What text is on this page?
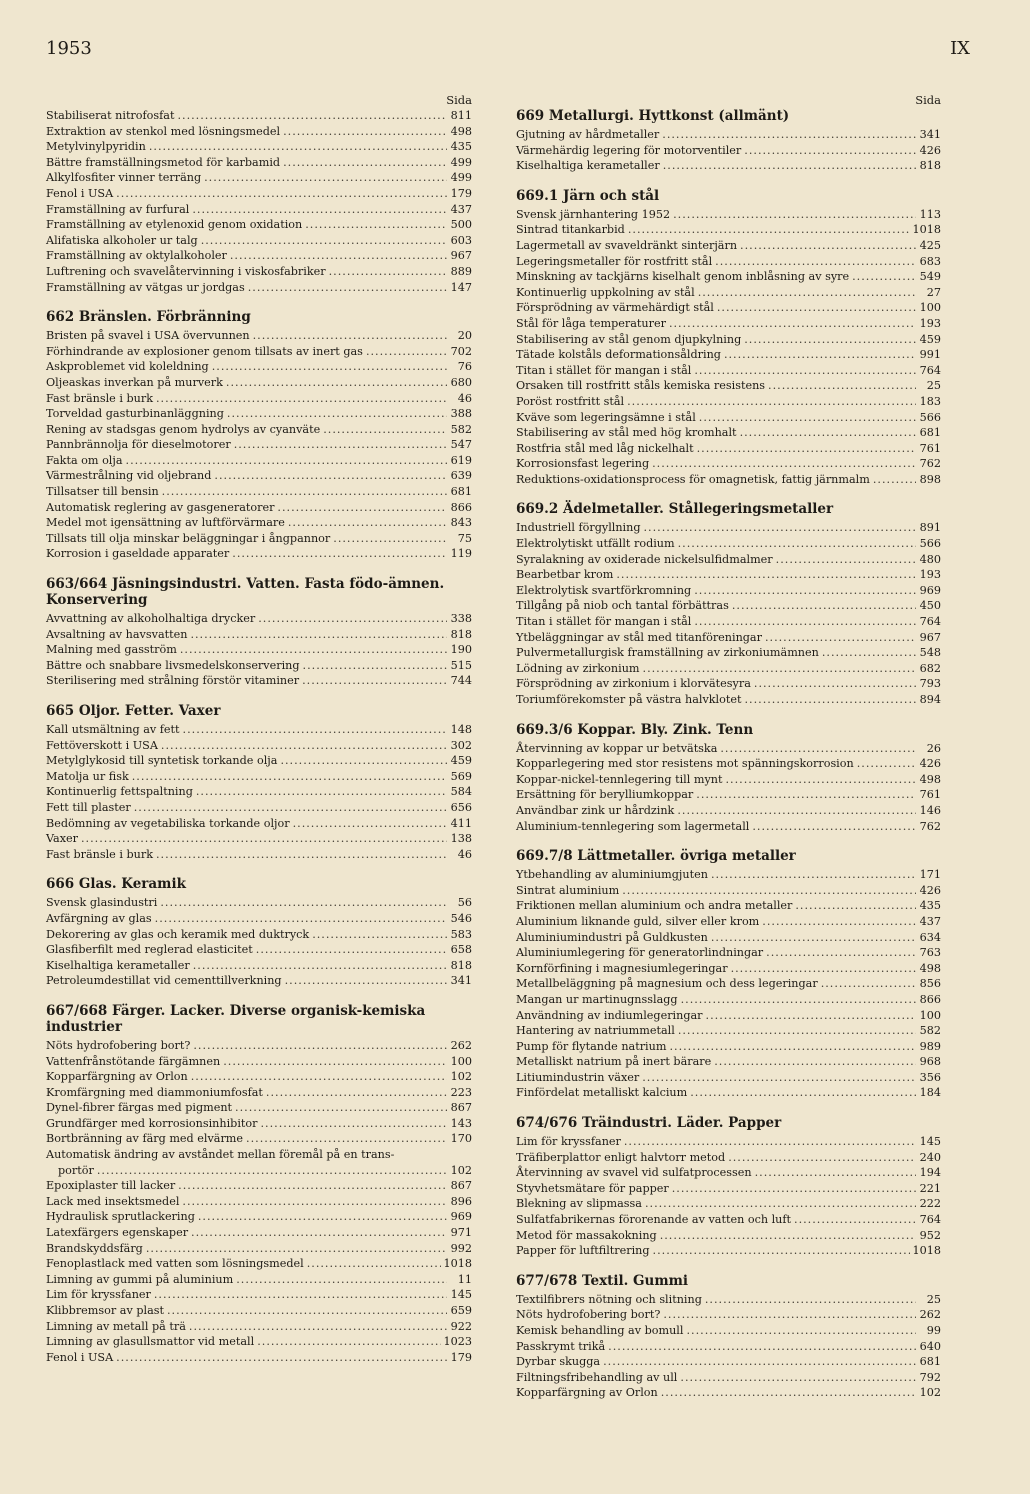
1953	IX
Sida
Stabiliserat nitrofosfat .....	811
Extraktion av stenkol med lösningsmedel .....	498
Metylvinylpyridin .....	435
Bättre framställningsmetod för karbamid .....	499
Alkylfosfiter vinner terräng .....	499
Fenol i USA .....	179
Framställning av furfural .....	437
Framställning av etylenoxid genom oxidation .....	500
Alifatiska alkoholer ur talg .....	603
Framställning av oktylalkoholer .....	967
Luftrening och svavelåtervinning i viskosfabriker .....	889
Framställning av vätgas ur jordgas .....	147
662 Bränslen. Förbränning
Bristen på svavel i USA övervunnen .....	20
Förhindrande av explosioner genom tillsats av inert gas .....	702
Askproblemet vid koleldning .....	76
Oljeaskas inverkan på murverk .....	680
Fast bränsle i burk .....	46
Torveldad gasturbinanläggning .....	388
Rening av stadsgas genom hydrolys av cyanväte .....	582
Pannbrännolja för dieselmotorer .....	547
Fakta om olja .....	619
Värmestrålning vid oljebrand .....	639
Tillsatser till bensin .....	681
Automatisk reglering av gasgeneratorer .....	866
Medel mot igensättning av luftförvärmare .....	843
Tillsats till olja minskar beläggningar i ångpannor .....	75
Korrosion i gaseldade apparater .....	119
663/664 Jäsningsindustri. Vatten. Fasta födo-ämnen. Konservering
Avvattning av alkoholhaltiga drycker .....	338
Avsaltning av havsvatten .....	818
Malning med gasström .....	190
Bättre och snabbare livsmedelskonservering .....	515
Sterilisering med strålning förstör vitaminer .....	744
665 Oljor. Fetter. Vaxer
Kall utsmältning av fett .....	148
Fettöverskott i USA .....	302
Metylglykosid till syntetisk torkande olja .....	459
Matolja ur fisk .....	569
Kontinuerlig fettspaltning .....	584
Fett till plaster .....	656
Bedömning av vegetabiliska torkande oljor .....	411
Vaxer .....	138
Fast bränsle i burk .....	46
666 Glas. Keramik
Svensk glasindustri .....	56
Avfärgning av glas .....	546
Dekorering av glas och keramik med duktryck .....	583
Glasfiberfilt med reglerad elasticitet .....	658
Kiselhaltiga kerametaller .....	818
Petroleumdestillat vid cementtillverkning .....	341
667/668 Färger. Lacker. Diverse organisk-kemiska industrier
Nöts hydrofobering bort? .....	262
Vattenfrånstötande färgämnen .....	100
Kopparfärgning av Orlon .....	102
Kromfärgning med diammoniumfosfat .....	223
Dynel-fibrer färgas med pigment .....	867
Grundfärger med korrosionsinhibitor .....	143
Bortbränning av färg med elvärme .....	170
Automatisk ändring av avståndet mellan föremål på en trans-
portör .....	102
Epoxiplaster till lacker .....	867
Lack med insektsmedel .....	896
Hydraulisk sprutlackering .....	969
Latexfärgers egenskaper .....	971
Brandskyddsfärg .....	992
Fenoplastlack med vatten som lösningsmedel .....	1018
Limning av gummi på aluminium .....	11
Lim för kryssfaner .....	145
Klibbremsor av plast .....	659
Limning av metall på trä .....	922
Limning av glasullsmattor vid metall .....	1023
Fenol i USA .....	179
Sida
669 Metallurgi. Hyttkonst (allmänt)
Gjutning av hårdmetaller .....	341
Värmehärdig legering för motorventiler .....	426
Kiselhaltiga kerametaller .....	818
669.1 Järn och stål
Svensk järnhantering 1952 .....	113
Sintrad titankarbid .....	1018
Lagermetall av svaveldränkt sinterjärn .....	425
Legeringsmetaller för rostfritt stål .....	683
Minskning av tackjärns kiselhalt genom inblåsning av syre .....	549
Kontinuerlig uppkolning av stål .....	27
Försprödning av värmehärdigt stål .....	100
Stål för låga temperaturer .....	193
Stabilisering av stål genom djupkylning .....	459
Tätade kolståls deformationsåldring .....	991
Titan i stället för mangan i stål .....	764
Orsaken till rostfritt ståls kemiska resistens .....	25
Poröst rostfritt stål .....	183
Kväve som legeringsämne i stål .....	566
Stabilisering av stål med hög kromhalt .....	681
Rostfria stål med låg nickelhalt .....	761
Korrosionsfast legering .....	762
Reduktions-oxidationsprocess för omagnetisk, fattig järnmalm .....	898
669.2 Ädelmetaller. Stållegeringsmetaller
Industriell förgyllning .....	891
Elektrolytiskt utfällt rodium .....	566
Syralakning av oxiderade nickelsulfidmalmer .....	480
Bearbetbar krom .....	193
Elektrolytisk svartförkromning .....	969
Tillgång på niob och tantal förbättras .....	450
Titan i stället för mangan i stål .....	764
Ytbeläggningar av stål med titanföreningar .....	967
Pulvermetallurgisk framställning av zirkoniumämnen .....	548
Lödning av zirkonium .....	682
Försprödning av zirkonium i klorvätesyra .....	793
Toriumförekomster på västra halvklotet .....	894
669.3/6 Koppar. Bly. Zink. Tenn
Återvinning av koppar ur betvätska .....	26
Kopparlegering med stor resistens mot spänningskorrosion .....	426
Koppar-nickel-tennlegering till mynt .....	498
Ersättning för berylliumkoppar .....	761
Användbar zink ur hårdzink .....	146
Aluminium-tennlegering som lagermetall .....	762
669.7/8 Lättmetaller. övriga metaller
Ytbehandling av aluminiumgjuten .....	171
Sintrat aluminium .....	426
Friktionen mellan aluminium och andra metaller .....	435
Aluminium liknande guld, silver eller krom .....	437
Aluminiumindustri på Guldkusten .....	634
Aluminiumlegering för generatorlindningar .....	763
Kornförfining i magnesiumlegeringar .....	498
Metallbeläggning på magnesium och dess legeringar .....	856
Mangan ur martinugnsslagg .....	866
Användning av indiumlegeringar .....	100
Hantering av natriummetall .....	582
Pump för flytande natrium .....	989
Metalliskt natrium på inert bärare .....	968
Litiumindustrin växer .....	356
Finfördelat metalliskt kalcium .....	184
674/676 Träindustri. Läder. Papper
Lim för kryssfaner .....	145
Träfiberplattor enligt halvtorr metod .....	240
Återvinning av svavel vid sulfatprocessen .....	194
Styvhetsmätare för papper .....	221
Blekning av slipmassa .....	222
Sulfatfabrikernas förorenande av vatten och luft .....	764
Metod för massakokning .....	952
Papper för luftfiltrering .....	1018
677/678 Textil. Gummi
Textilfibrers nötning och slitning .....	25
Nöts hydrofobering bort? .....	262
Kemisk behandling av bomull .....	99
Passkrymt trikå .....	640
Dyrbar skugga .....	681
Filtningsfribehandling av ull .....	792
Kopparfärgning av Orlon .....	102
